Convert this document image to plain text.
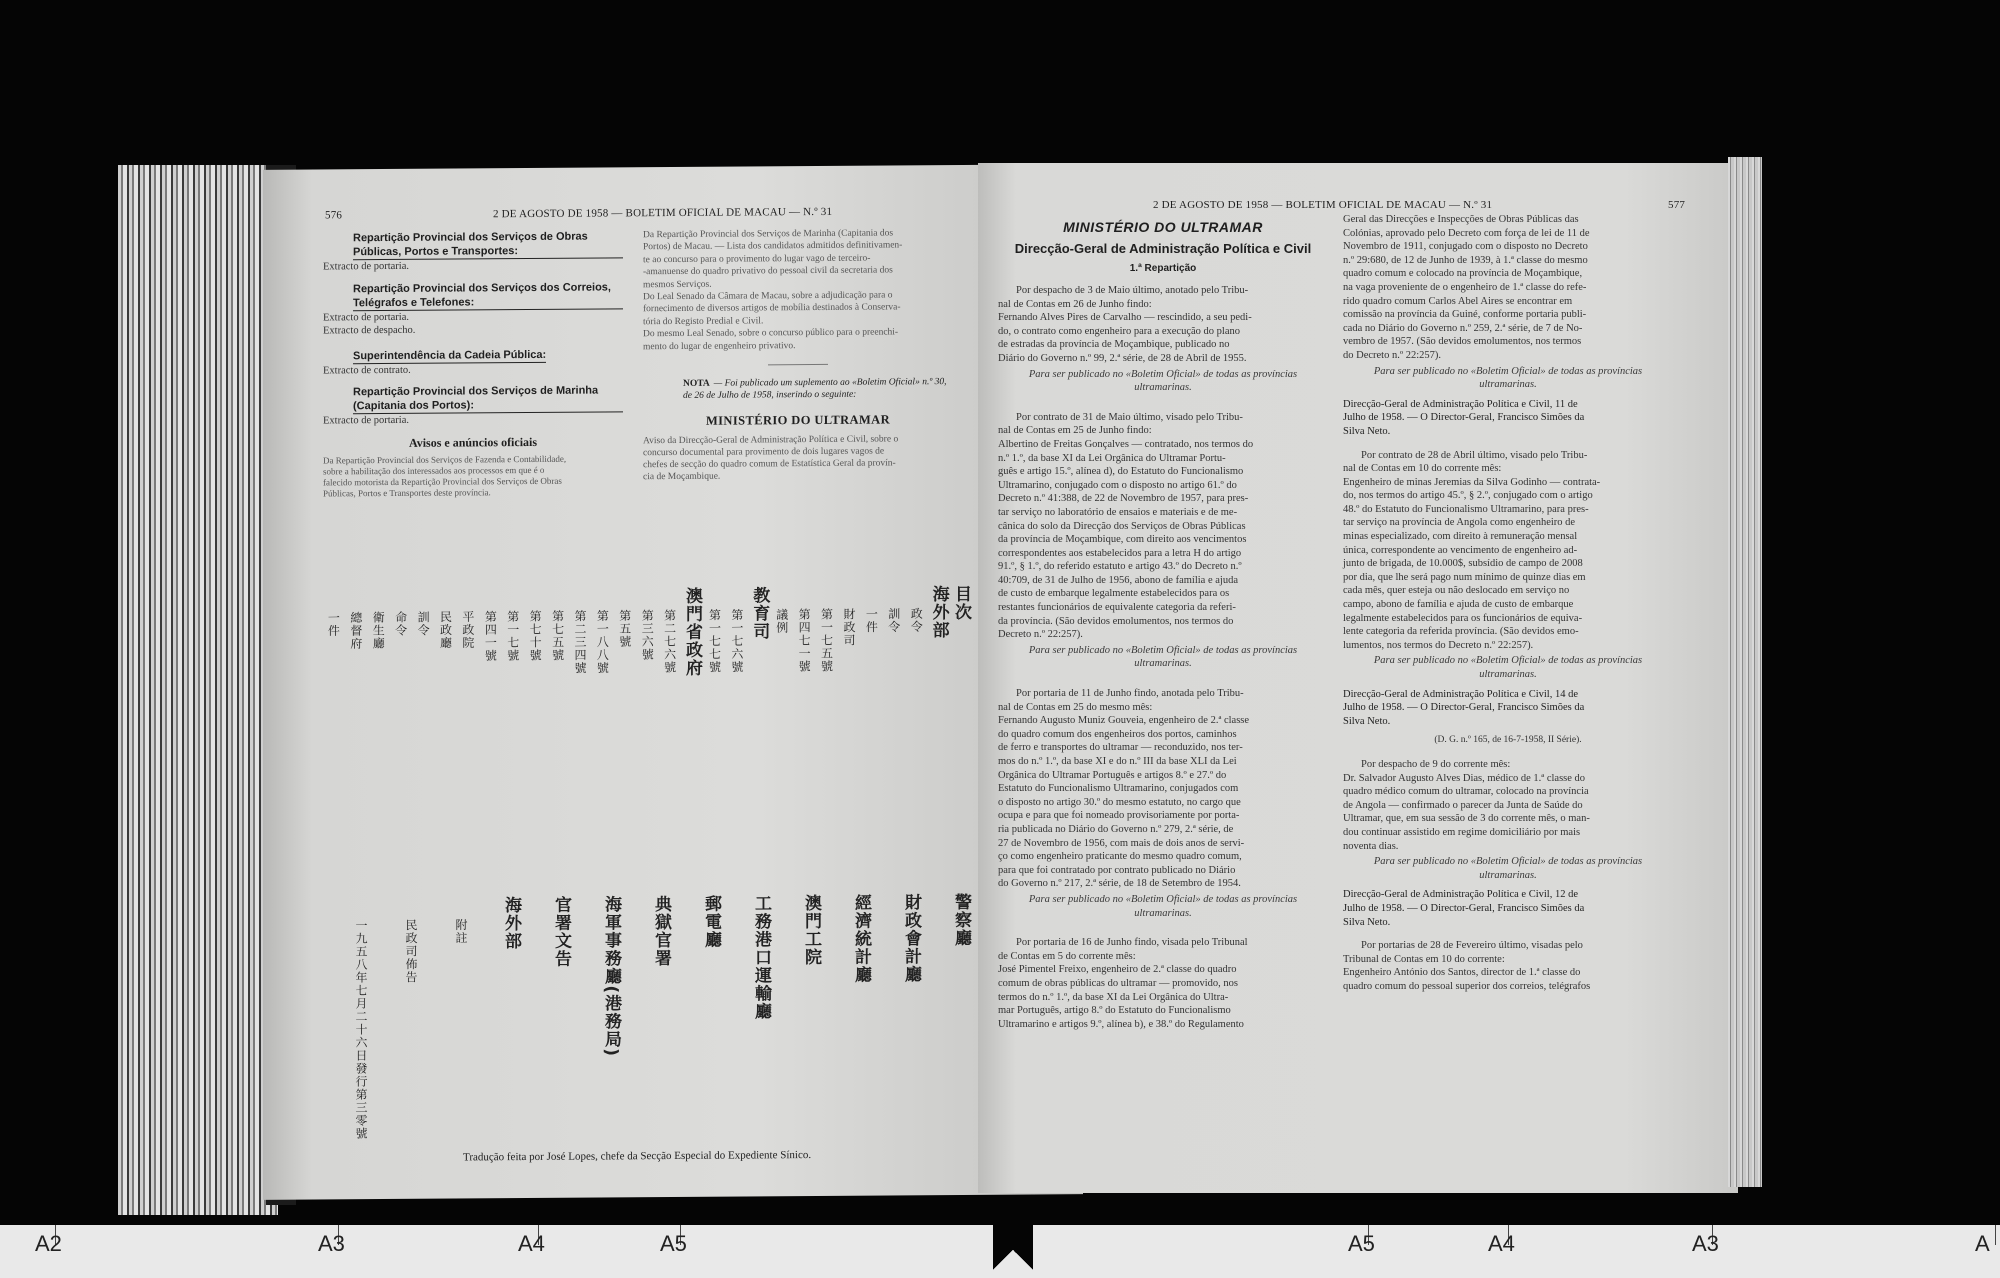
576	2 DE AGOSTO DE 1958 — BOLETIM OFICIAL DE MACAU — N.º 31
Repartição Provincial dos Serviços de Obras Públicas, Portos e Transportes:
Extracto de portaria.
Repartição Provincial dos Serviços dos Correios, Telégrafos e Telefones:
Extracto de portaria.
Extracto de despacho.
Superintendência da Cadeia Pública:
Extracto de contrato.
Repartição Provincial dos Serviços de Marinha (Capitania dos Portos):
Extracto de portaria.
Avisos e anúncios oficiais
Da Repartição Provincial dos Serviços de Fazenda e Contabilidade,
sobre a habilitação dos interessados aos processos em que é o
falecido motorista da Repartição Provincial dos Serviços de Obras
Públicas, Portos e Transportes deste província.
Da Repartição Provincial dos Serviços de Marinha (Capitania dos
Portos) de Macau. — Lista dos candidatos admitidos definitivamen-
te ao concurso para o provimento do lugar vago de terceiro-
-amanuense do quadro privativo do pessoal civil da secretaria dos
mesmos Serviços.
Do Leal Senado da Câmara de Macau, sobre a adjudicação para o
fornecimento de diversos artigos de mobília destinados à Conserva-
tória do Registo Predial e Civil.
Do mesmo Leal Senado, sobre o concurso público para o preenchi-
mento do lugar de engenheiro privativo.
NOTA — Foi publicado um suplemento ao «Boletim Oficial» n.º 30, de 26 de Julho de 1958, inserindo o seguinte:
MINISTÉRIO DO ULTRAMAR
Aviso da Direcção-Geral de Administração Política e Civil, sobre o
concurso documental para provimento de dois lugares vagos de
chefes de secção do quadro comum de Estatística Geral da provín-
cia de Moçambique.
目次
海外部
政令
訓令
一件
財政司
第一七五號
第四七一號
議例
教育司
第一七六號
第一七七號
澳門省政府
第二七六號
第三六號
第五號
第一八八號
第二三四號
第七五號
第七十號
第一七號
第四一號
平政院
民政廳
訓令
命令
衛生廳
總督府
一件
警察廳
財政會計廳
經濟統計廳
澳門工院
工務港口運輸廳
郵電廳
典獄官署
海軍事務廳(港務局)
官署文告
海外部
附註
民政司佈告
一九五八年七月二十六日發行第三零號
Tradução feita por José Lopes, chefe da Secção Especial do Expediente Sínico.
2 DE AGOSTO DE 1958 — BOLETIM OFICIAL DE MACAU — N.º 31	577
MINISTÉRIO DO ULTRAMAR
Direcção-Geral de Administração Política e Civil
1.ª Repartição
Por despacho de 3 de Maio último, anotado pelo Tribu-
nal de Contas em 26 de Junho findo:
Fernando Alves Pires de Carvalho — rescindido, a seu pedi-
do, o contrato como engenheiro para a execução do plano
de estradas da província de Moçambique, publicado no
Diário do Governo n.º 99, 2.ª série, de 28 de Abril de 1955.
Para ser publicado no «Boletim Oficial» de todas as províncias ultramarinas.
Por contrato de 31 de Maio último, visado pelo Tribu-
nal de Contas em 25 de Junho findo:
Albertino de Freitas Gonçalves — contratado, nos termos do
n.º 1.º, da base XI da Lei Orgânica do Ultramar Portu-
guês e artigo 15.º, alínea d), do Estatuto do Funcionalismo
Ultramarino, conjugado com o disposto no artigo 61.º do
Decreto n.º 41:388, de 22 de Novembro de 1957, para pres-
tar serviço no laboratório de ensaios e materiais e de me-
cânica do solo da Direcção dos Serviços de Obras Públicas
da província de Moçambique, com direito aos vencimentos
correspondentes aos estabelecidos para a letra H do artigo
91.º, § 1.º, do referido estatuto e artigo 43.º do Decreto n.º
40:709, de 31 de Julho de 1956, abono de família e ajuda
de custo de embarque legalmente estabelecidos para os
restantes funcionários de equivalente categoria da referi-
da província. (São devidos emolumentos, nos termos do
Decreto n.º 22:257).
Para ser publicado no «Boletim Oficial» de todas as províncias ultramarinas.
Por portaria de 11 de Junho findo, anotada pelo Tribu-
nal de Contas em 25 do mesmo mês:
Fernando Augusto Muniz Gouveia, engenheiro de 2.ª classe
do quadro comum dos engenheiros dos portos, caminhos
de ferro e transportes do ultramar — reconduzido, nos ter-
mos do n.º 1.º, da base XI e do n.º III da base XLI da Lei
Orgânica do Ultramar Português e artigos 8.º e 27.º do
Estatuto do Funcionalismo Ultramarino, conjugados com
o disposto no artigo 30.º do mesmo estatuto, no cargo que
ocupa e para que foi nomeado provisoriamente por porta-
ria publicada no Diário do Governo n.º 279, 2.ª série, de
27 de Novembro de 1956, com mais de dois anos de servi-
ço como engenheiro praticante do mesmo quadro comum,
para que foi contratado por contrato publicado no Diário
do Governo n.º 217, 2.ª série, de 18 de Setembro de 1954.
Para ser publicado no «Boletim Oficial» de todas as províncias ultramarinas.
Por portaria de 16 de Junho findo, visada pelo Tribunal
de Contas em 5 do corrente mês:
José Pimentel Freixo, engenheiro de 2.ª classe do quadro
comum de obras públicas do ultramar — promovido, nos
termos do n.º 1.º, da base XI da Lei Orgânica do Ultra-
mar Português, artigo 8.º do Estatuto do Funcionalismo
Ultramarino e artigos 9.º, alínea b), e 38.º do Regulamento
Geral das Direcções e Inspecções de Obras Públicas das
Colónias, aprovado pelo Decreto com força de lei de 11 de
Novembro de 1911, conjugado com o disposto no Decreto
n.º 29:680, de 12 de Junho de 1939, à 1.ª classe do mesmo
quadro comum e colocado na província de Moçambique,
na vaga proveniente de o engenheiro de 1.ª classe do refe-
rido quadro comum Carlos Abel Aires se encontrar em
comissão na província da Guiné, conforme portaria publi-
cada no Diário do Governo n.º 259, 2.ª série, de 7 de No-
vembro de 1957. (São devidos emolumentos, nos termos
do Decreto n.º 22:257).
Para ser publicado no «Boletim Oficial» de todas as províncias ultramarinas.
Direcção-Geral de Administração Política e Civil, 11 de
Julho de 1958. — O Director-Geral, Francisco Simões da
Silva Neto.
Por contrato de 28 de Abril último, visado pelo Tribu-
nal de Contas em 10 do corrente mês:
Engenheiro de minas Jeremias da Silva Godinho — contrata-
do, nos termos do artigo 45.º, § 2.º, conjugado com o artigo
48.º do Estatuto do Funcionalismo Ultramarino, para pres-
tar serviço na província de Angola como engenheiro de
minas especializado, com direito à remuneração mensal
única, correspondente ao vencimento de engenheiro ad-
junto de brigada, de 10.000$, subsídio de campo de 2008
por dia, que lhe será pago num mínimo de quinze dias em
cada mês, quer esteja ou não deslocado em serviço no
campo, abono de família e ajuda de custo de embarque
legalmente estabelecidos para os funcionários de equiva-
lente categoria da referida província. (São devidos emo-
lumentos, nos termos do Decreto n.º 22:257).
Para ser publicado no «Boletim Oficial» de todas as províncias ultramarinas.
Direcção-Geral de Administração Política e Civil, 14 de
Julho de 1958. — O Director-Geral, Francisco Simões da
Silva Neto.
(D. G. n.º 165, de 16-7-1958, II Série).
Por despacho de 9 do corrente mês:
Dr. Salvador Augusto Alves Dias, médico de 1.ª classe do
quadro médico comum do ultramar, colocado na província
de Angola — confirmado o parecer da Junta de Saúde do
Ultramar, que, em sua sessão de 3 do corrente mês, o man-
dou continuar assistido em regime domiciliário por mais
noventa dias.
Para ser publicado no «Boletim Oficial» de todas as províncias ultramarinas.
Direcção-Geral de Administração Política e Civil, 12 de
Julho de 1958. — O Director-Geral, Francisco Simões da
Silva Neto.
Por portarias de 28 de Fevereiro último, visadas pelo
Tribunal de Contas em 10 do corrente:
Engenheiro António dos Santos, director de 1.ª classe do
quadro comum do pessoal superior dos correios, telégrafos
A2	A3	A4	A5	A5	A4	A3	A
